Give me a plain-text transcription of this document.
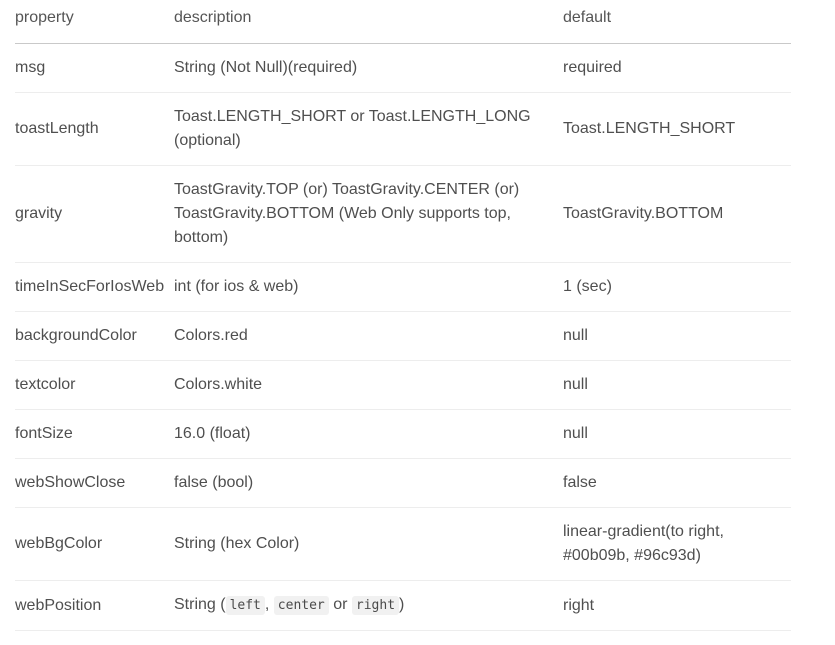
property	description	default
msg	String (Not Null)(required)	required
toastLength	Toast.LENGTH_SHORT or Toast.LENGTH_LONG (optional)	Toast.LENGTH_SHORT
gravity	ToastGravity.TOP (or) ToastGravity.CENTER (or) ToastGravity.BOTTOM (Web Only supports top, bottom)	ToastGravity.BOTTOM
timeInSecForIosWeb	int (for ios & web)	1 (sec)
backgroundColor	Colors.red	null
textcolor	Colors.white	null
fontSize	16.0 (float)	null
webShowClose	false (bool)	false
webBgColor	String (hex Color)	linear-gradient(to right, #00b09b, #96c93d)
webPosition	String ( left , center or right )	right
